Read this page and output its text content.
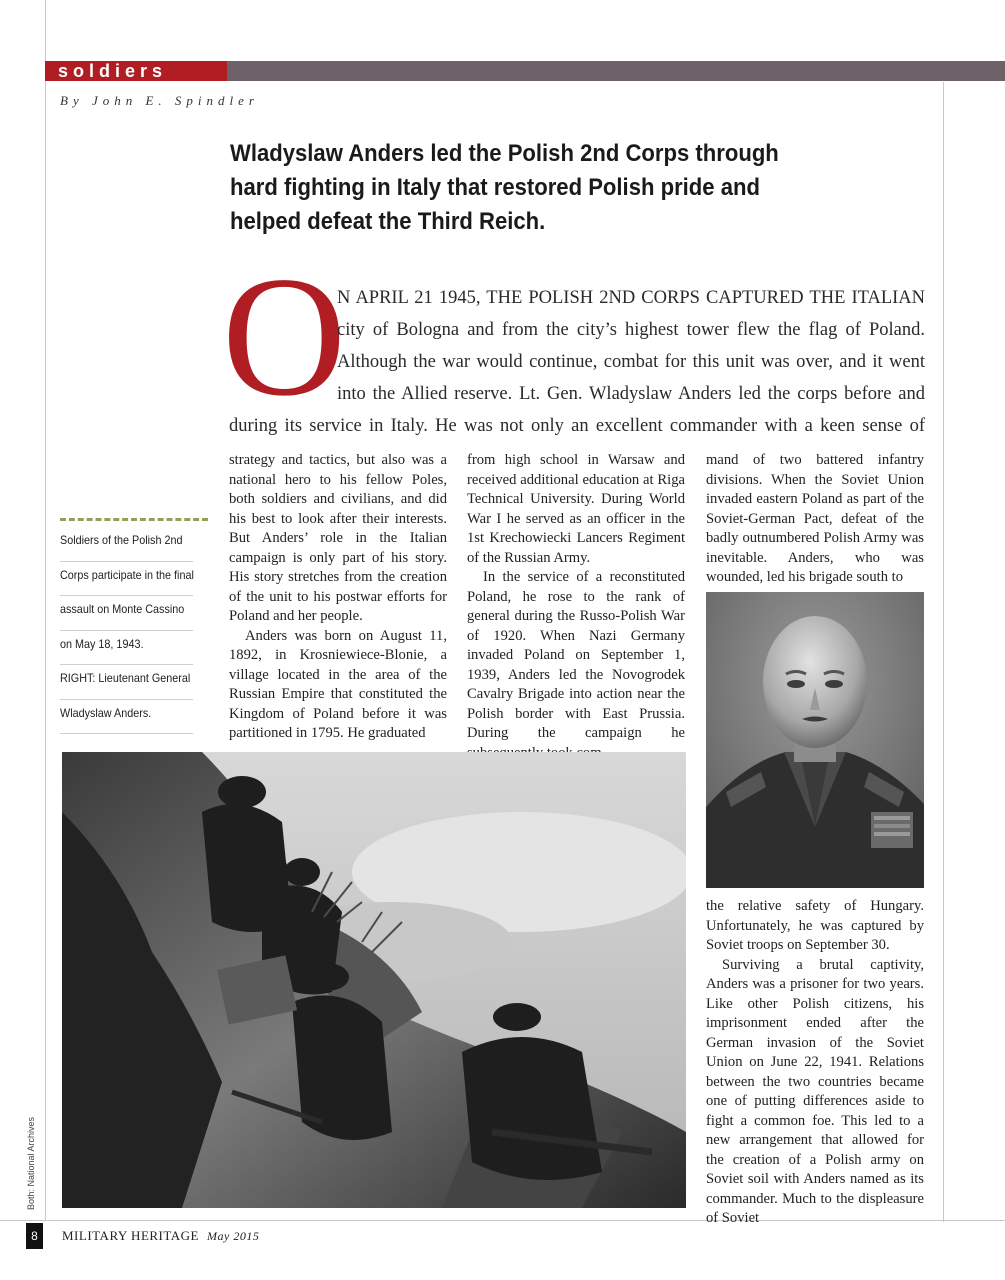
soldiers
By John E. Spindler
Wladyslaw Anders led the Polish 2nd Corps through hard fighting in Italy that restored Polish pride and helped defeat the Third Reich.
O

N APRIL 21 1945, THE POLISH 2ND CORPS CAPTURED THE ITALIAN

city of Bologna and from the city’s highest tower flew the flag of Poland.

Although the war would continue, combat for this unit was over, and it went

into the Allied reserve. Lt. Gen. Wladyslaw Anders led the corps before and

during its service in Italy. He was not only an excellent commander with a keen sense of

strategy and tactics, but also was a national hero to his fellow Poles, both soldiers and civilians, and did his best to look after their interests. But Anders’ role in the Italian campaign is only part of his story. His story stretches from the creation of the unit to his postwar efforts for Poland and her people.

Anders was born on August 11, 1892, in Krosniewiece-Blonie, a village located in the area of the Russian Empire that constituted the Kingdom of Poland before it was partitioned in 1795. He graduated

from high school in Warsaw and received additional education at Riga Technical University. During World War I he served as an officer in the 1st Krechowiecki Lancers Regiment of the Russian Army.

In the service of a reconstituted Poland, he rose to the rank of general during the Russo-Polish War of 1920. When Nazi Germany invaded Poland on September 1, 1939, Anders led the Novogrodek Cavalry Brigade into action near the Polish border with East Prussia. During the campaign he

mand of two battered infantry divisions. When the Soviet Union invaded eastern Poland as part of the Soviet-German Pact, defeat of the badly outnumbered Polish Army was inevitable. Anders, who was wounded, led his brigade south to

the relative safety of Hungary. Unfortunately, he was captured by Soviet troops on September 30.

Surviving a brutal captivity, Anders was a prisoner for two years. Like other Polish citizens, his imprisonment ended after the German invasion of the Soviet Union on June 22, 1941. Relations between the two countries became one of putting differences aside to fight a common foe. This led to a new arrangement that allowed for the creation of a Polish army on Soviet soil with Anders named as its commander. Much to the displeasure of Soviet

Soldiers of the Polish 2nd
Corps participate in the final
assault on Monte Cassino
on May 18, 1943.
RIGHT: Lieutenant General
Wladyslaw Anders.
Both: National Archives
8	MILITARY HERITAGE May 2015
